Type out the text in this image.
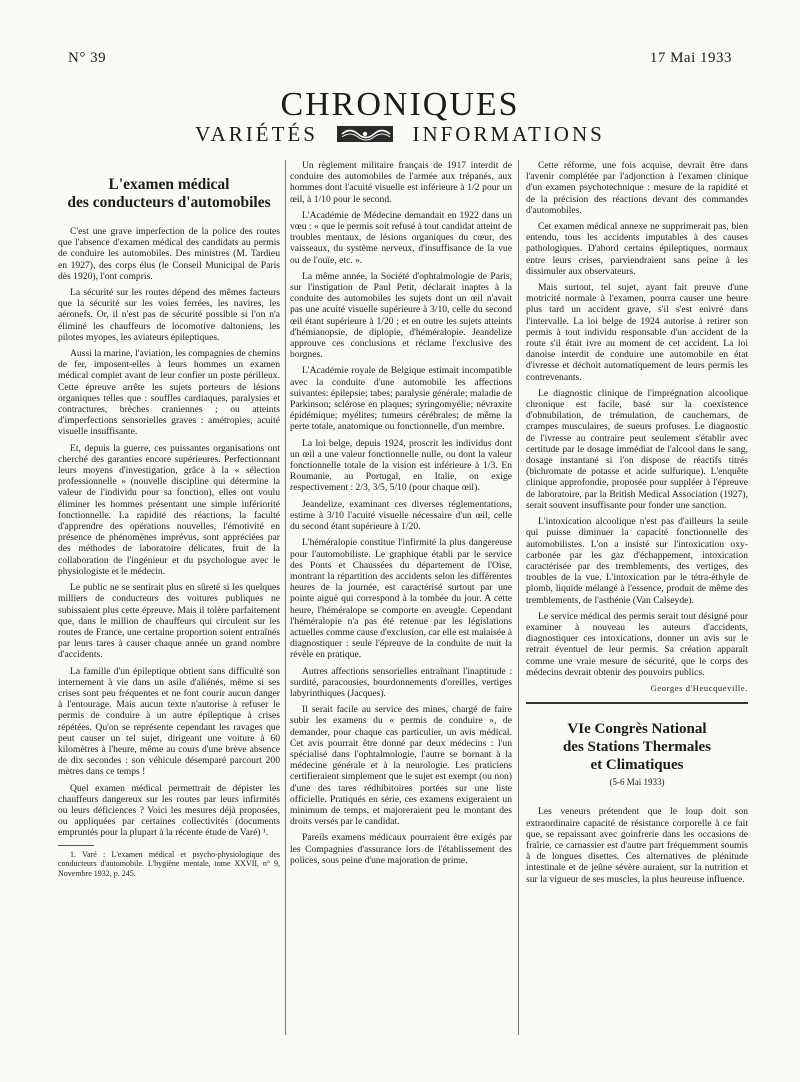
N° 39	17 Mai 1933
CHRONIQUES
VARIÉTÉS	INFORMATIONS
L'examen médical
des conducteurs d'automobiles

C'est une grave imperfection de la police des routes que l'absence d'examen médical des candidats au permis de conduire les automobiles. Des ministres (M. Tardieu en 1927), des corps élus (le Conseil Municipal de Paris dès 1920), l'ont compris.

La sécurité sur les routes dépend des mêmes facteurs que la sécurité sur les voies ferrées, les navires, les aéronefs. Or, il n'est pas de sécurité possible si l'on n'a éliminé les chauffeurs de locomotive daltoniens, les pilotes myopes, les aviateurs épileptiques.

Aussi la marine, l'aviation, les compagnies de chemins de fer, imposent-elles à leurs hommes un examen médical complet avant de leur confier un poste périlleux. Cette épreuve arrête les sujets porteurs de lésions organiques telles que : souffles cardiaques, paralysies et contractures, brèches craniennes ; ou atteints d'imperfections sensorielles graves : amétropies, acuité visuelle insuffisante.

Et, depuis la guerre, ces puissantes organisations ont cherché des garanties encore supérieures. Perfectionnant leurs moyens d'investigation, grâce à la « sélection professionnelle » (nouvelle discipline qui détermine la valeur de l'individu pour sa fonction), elles ont voulu éliminer les hommes présentant une simple infériorité fonctionnelle. La rapidité des réactions, la faculté d'apprendre des opérations nouvelles, l'émotivité en présence de phénomènes imprévus, sont appréciées par des méthodes de laboratoire délicates, fruit de la collaboration de l'ingénieur et du psychologue avec le physiologiste et le médecin.

Le public ne se sentirait plus en sûreté si les quelques milliers de conducteurs des voitures publiques ne subissaient plus cette épreuve. Mais il tolère parfaitement que, dans le million de chauffeurs qui circulent sur les routes de France, une certaine proportion soient entraînés par leurs tares à causer chaque année un grand nombre d'accidents.

La famille d'un épileptique obtient sans difficulté son internement à vie dans un asile d'aliénés, même si ses crises sont peu fréquentes et ne font courir aucun danger à l'entourage. Mais aucun texte n'autorise à refuser le permis de conduire à un autre épileptique à crises répétées. Qu'on se représente cependant les ravages que peut causer un tel sujet, dirigeant une voiture à 60 kilomètres à l'heure, même au cours d'une brève absence de dix secondes : son véhicule désemparé parcourt 200 mètres dans ce temps !

Quel examen médical permettrait de dépister les chauffeurs dangereux sur les routes par leurs infirmités ou leurs déficiences ? Voici les mesures déjà proposées, ou appliquées par certaines collectivités (documents empruntés pour la plupart à la récente étude de Varé) ¹.

1. Varé : L'examen médical et psycho-physiologique des conducteurs d'automobile. L'hygiène mentale, tome XXVII, n° 9, Novembre 1932, p. 245.

Un règlement militaire français de 1917 interdit de conduire des automobiles de l'armée aux trépanés, aux hommes dont l'acuité visuelle est inférieure à 1/2 pour un œil, à 1/10 pour le second.

L'Académie de Médecine demandait en 1922 dans un vœu : « que le permis soit refusé à tout candidat atteint de troubles mentaux, de lésions organiques du cœur, des vaisseaux, du système nerveux, d'insuffisance de la vue ou de l'ouïe, etc. ».

La même année, la Société d'ophtalmologie de Paris, sur l'instigation de Paul Petit, déclarait inaptes à la conduite des automobiles les sujets dont un œil n'avait pas une acuité visuelle supérieure à 3/10, celle du second œil étant supérieure à 1/20 ; et en outre les sujets atteints d'hémianopsie, de diplopie, d'héméralopie. Jeandelize approuve ces conclusions et réclame l'exclusive des borgnes.

L'Académie royale de Belgique estimait incompatible avec la conduite d'une automobile les affections suivantes: épilepsie; tabes; paralysie générale; maladie de Parkinson; sclérose en plaques; syringomyélie; névraxite épidémique; myélites; tumeurs cérébrales; de même la perte totale, anatomique ou fonctionnelle, d'un membre.

La loi belge, depuis 1924, proscrit les individus dont un œil a une valeur fonctionnelle nulle, ou dont la valeur fonctionnelle totale de la vision est inférieure à 1/3. En Roumanie, au Portugal, en Italie, on exige respectivement : 2/3, 3/5, 5/10 (pour chaque œil).

Jeandelize, examinant ces diverses réglementations, estime à 3/10 l'acuité visuelle nécessaire d'un œil, celle du second étant supérieure à 1/20.

L'héméralopie constitue l'infirmité la plus dangereuse pour l'automobiliste. Le graphique établi par le service des Ponts et Chaussées du département de l'Oise, montrant la répartition des accidents selon les différentes heures de la journée, est caractérisé surtout par une pointe aiguë qui correspond à la tombée du jour. A cette heure, l'héméralope se comporte en aveugle. Cependant l'héméralopie n'a pas été retenue par les législations actuelles comme cause d'exclusion, car elle est malaisée à diagnostiquer : seule l'épreuve de la conduite de nuit la révèle en pratique.

Autres affections sensorielles entraînant l'inaptitude : surdité, paracousies, bourdonnements d'oreilles, vertiges labyrinthiques (Jacques).

Il serait facile au service des mines, chargé de faire subir les examens du « permis de conduire », de demander, pour chaque cas particulier, un avis médical. Cet avis pourrait être donné par deux médecins : l'un spécialisé dans l'ophtalmologie, l'autre se bornant à la médecine générale et à la neurologie. Les praticiens certifieraient simplement que le sujet est exempt (ou non) d'une des tares rédhibitoires portées sur une liste officielle. Pratiqués en série, ces examens exigeraient un minimum de temps, et majoreraient peu le montant des droits versés par le candidat.

Pareils examens médicaux pourraient être exigés par les Compagnies d'assurance lors de l'établissement des polices, sous peine d'une majoration de prime.

Cette réforme, une fois acquise, devrait être dans l'avenir complétée par l'adjonction à l'examen clinique d'un examen psychotechnique : mesure de la rapidité et de la précision des réactions devant des commandes d'automobiles.

Cet examen médical annexe ne supprimerait pas, bien entendu, tous les accidents imputables à des causes pathologiques. D'abord certains épileptiques, normaux entre leurs crises, parviendraient sans peine à les dissimuler aux observateurs.

Mais surtout, tel sujet, ayant fait preuve d'une motricité normale à l'examen, pourra causer une heure plus tard un accident grave, s'il s'est enivré dans l'intervalle. La loi belge de 1924 autorise à retirer son permis à tout individu responsable d'un accident de la route s'il était ivre au moment de cet accident. La loi danoise interdit de conduire une automobile en état d'ivresse et déchoit automatiquement de leurs permis les contrevenants.

Le diagnostic clinique de l'imprégnation alcoolique chronique est facile, basé sur la coexistence d'obnubilation, de trémulation, de cauchemars, de crampes musculaires, de sueurs profuses. Le diagnostic de l'ivresse au contraire peut seulement s'établir avec certitude par le dosage immédiat de l'alcool dans le sang, dosage instantané si l'on dispose de réactifs titrés (bichromate de potasse et acide sulfurique). L'enquête clinique approfondie, proposée pour suppléer à l'épreuve de laboratoire, par la British Medical Association (1927), serait souvent insuffisante pour fonder une sanction.

L'intoxication alcoolique n'est pas d'ailleurs la seule qui puisse diminuer la capacité fonctionnelle des automobilistes. L'on a insisté sur l'intoxication oxy-carbonée par les gaz d'échappement, intoxication caractérisée par des tremblements, des vertiges, des troubles de la vue. L'intoxication par le tétra-éthyle de plomb, liquide mélangé à l'essence, produit de même des tremblements, de l'asthénie (Van Calseyde).

Le service médical des permis serait tout désigné pour examiner à nouveau les auteurs d'accidents, diagnostiquer ces intoxications, donner un avis sur le retrait éventuel de leur permis. Sa création apparaît comme une vraie mesure de sécurité, que le corps des médecins devrait obtenir des pouvoirs publics.

Georges d'Heucqueville.

VIe Congrès National
des Stations Thermales
et Climatiques
(5-6 Mai 1933)

Les veneurs prétendent que le loup doit son extraordinaire capacité de résistance corporelle à ce fait que, se repaissant avec goinfrerie dans les occasions de fraîrie, ce carnassier est d'autre part fréquemment soumis à de longues disettes. Ces alternatives de plénitude intestinale et de jeûne sévère auraient, sur la nutrition et sur la vigueur de ses muscles, la plus heureuse influence.
